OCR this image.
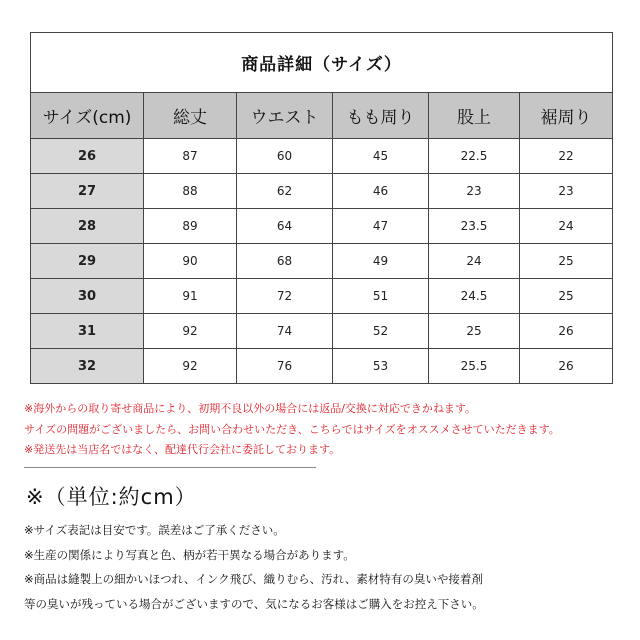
商品詳細（サイズ）					
サイズ(cm)	総丈	ウエスト	もも周り	股上	裾周り
26	87	60	45	22.5	22
27	88	62	46	23	23
28	89	64	47	23.5	24
29	90	68	49	24	25
30	91	72	51	24.5	25
31	92	74	52	25	26
32	92	76	53	25.5	26
※海外からの取り寄せ商品により、初期不良以外の場合には返品/交換に対応できかねます。
サイズの問題がございましたら、お問い合わせいただき、こちらではサイズをオススメさせていただきます。
※発送先は当店名ではなく、配達代行会社に委託しております。
※（単位:約cm）
※サイズ表記は目安です。誤差はご了承ください。
※生産の関係により写真と色、柄が若干異なる場合があります。
※商品は縫製上の細かいほつれ、インク飛び、織りむら、汚れ、素材特有の臭いや接着剤
等の臭いが残っている場合がございますので、気になるお客様はご購入をお控え下さい。
